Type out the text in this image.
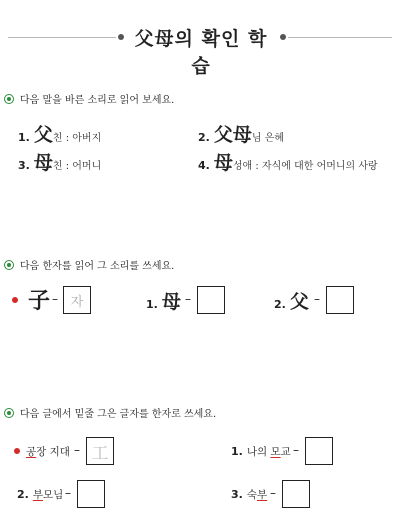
父母의 확인 학습
다음 말을 바른 소리로 읽어 보세요.
1. 父 친 : 아버지	2. 父母 님 은혜
3. 母 친 : 어머니	4. 母 성애 : 자식에 대한 어머니의 사랑
다음 한자를 읽어 그 소리를 쓰세요.
子 – 자	1. 母 –	2. 父 –
다음 글에서 밑줄 그은 글자를 한자로 쓰세요.
공장 지대 – 工	1. 나의 모교 –
2. 부모님 –	3. 숙부 –
